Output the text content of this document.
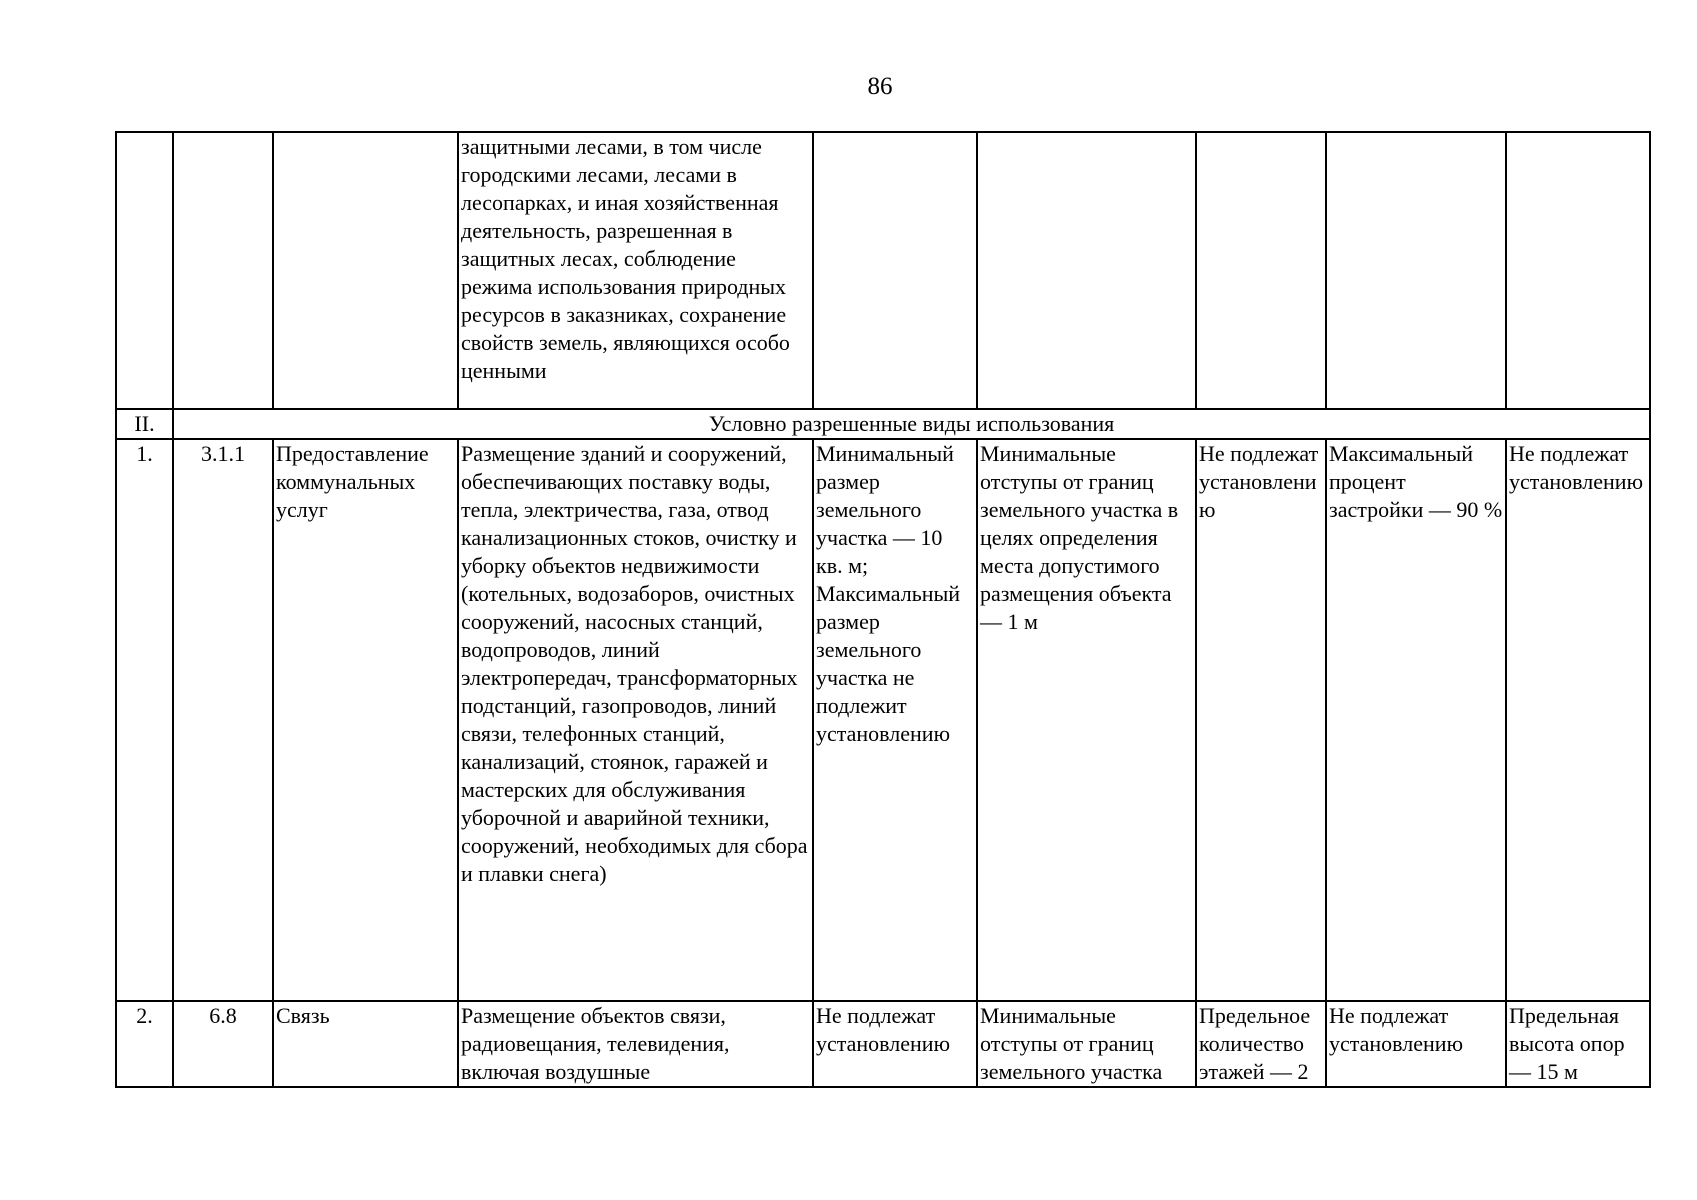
86
			защитными лесами, в том числе городскими лесами, лесами в лесопарках, и иная хозяйственная деятельность, разрешенная в защитных лесах, соблюдение режима использования природных ресурсов в заказниках, сохранение свойств земель, являющихся особо ценными					
II.	Условно разрешенные виды использования							
1.	3.1.1	Предоставление коммунальных услуг	Размещение зданий и сооружений, обеспечивающих поставку воды, тепла, электричества, газа, отвод канализационных стоков, очистку и уборку объектов недвижимости (котельных, водозаборов, очистных сооружений, насосных станций, водопроводов, линий электропередач, трансформаторных подстанций, газопроводов, линий связи, телефонных станций, канализаций, стоянок, гаражей и мастерских для обслуживания уборочной и аварийной техники, сооружений, необходимых для сбора и плавки снега)	Минимальный размер земельного участка — 10 кв. м; Максимальный размер земельного участка не подлежит установлению	Минимальные отступы от границ земельного участка в целях определения места допустимого размещения объекта — 1 м	Не подлежат установлению	Максимальный процент застройки — 90 %	Не подлежат установлению
2.	6.8	Связь	Размещение объектов связи, радиовещания, телевидения, включая воздушные	Не подлежат установлению	Минимальные отступы от границ земельного участка	Предельное количество этажей — 2	Не подлежат установлению	Предельная высота опор — 15 м
